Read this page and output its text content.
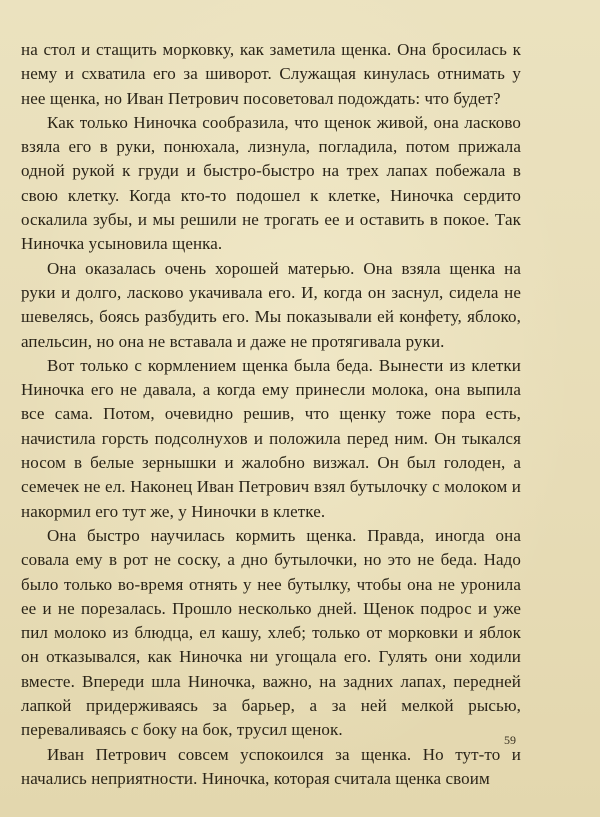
на стол и стащить морковку, как заметила щенка. Она бросилась к нему и схватила его за шиворот. Служащая кинулась отнимать у нее щенка, но Иван Петрович посоветовал подождать: что будет?

Как только Ниночка сообразила, что щенок живой, она ласково взяла его в руки, понюхала, лизнула, погладила, потом прижала одной рукой к груди и быстро-быстро на трех лапах побежала в свою клетку. Когда кто-то подошел к клетке, Ниночка сердито оскалила зубы, и мы решили не трогать ее и оставить в покое. Так Ниночка усыновила щенка.

Она оказалась очень хорошей матерью. Она взяла щенка на руки и долго, ласково укачивала его. И, когда он заснул, сидела не шевелясь, боясь разбудить его. Мы показывали ей конфету, яблоко, апельсин, но она не вставала и даже не протягивала руки.

Вот только с кормлением щенка была беда. Вынести из клетки Ниночка его не давала, а когда ему принесли молока, она выпила все сама. Потом, очевидно решив, что щенку тоже пора есть, начистила горсть подсолнухов и положила перед ним. Он тыкался носом в белые зернышки и жалобно визжал. Он был голоден, а семечек не ел. Наконец Иван Петрович взял бутылочку с молоком и накормил его тут же, у Ниночки в клетке.

Она быстро научилась кормить щенка. Правда, иногда она совала ему в рот не соску, а дно бутылочки, но это не беда. Надо было только во-время отнять у нее бутылку, чтобы она не уронила ее и не порезалась. Прошло несколько дней. Щенок подрос и уже пил молоко из блюдца, ел кашу, хлеб; только от морковки и яблок он отказывался, как Ниночка ни угощала его. Гулять они ходили вместе. Впереди шла Ниночка, важно, на задних лапах, передней лапкой придерживаясь за барьер, а за ней мелкой рысью, переваливаясь с боку на бок, трусил щенок.

Иван Петрович совсем успокоился за щенка. Но тут-то и начались неприятности. Ниночка, которая считала щенка своим

59
